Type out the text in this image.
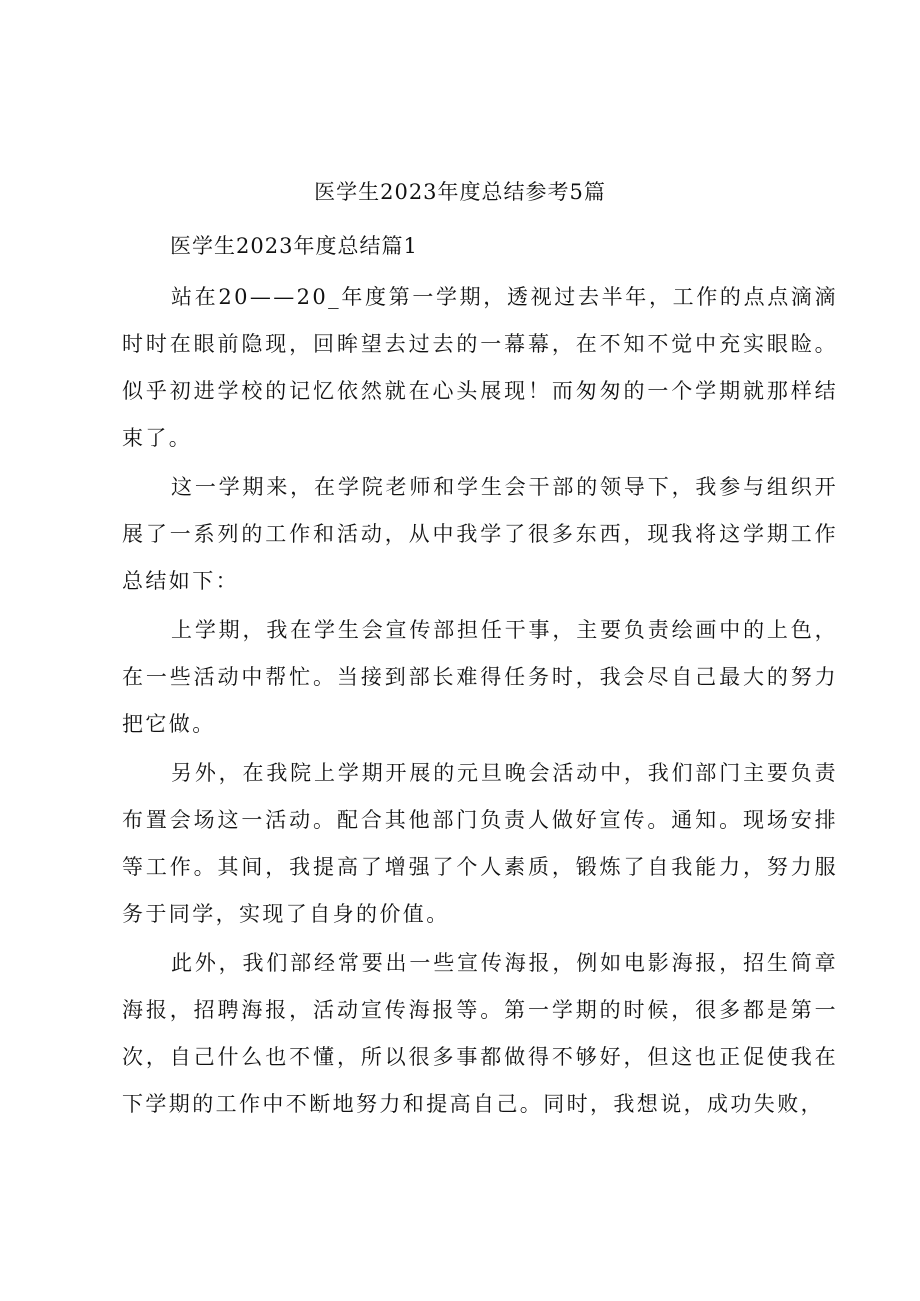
医学生2023年度总结参考5篇
医学生2023年度总结篇1

站在20——20_年度第一学期，透视过去半年，工作的点点滴滴时时在眼前隐现，回眸望去过去的一幕幕，在不知不觉中充实眼睑。似乎初进学校的记忆依然就在心头展现！而匆匆的一个学期就那样结束了。

这一学期来，在学院老师和学生会干部的领导下，我参与组织开展了一系列的工作和活动，从中我学了很多东西，现我将这学期工作总结如下：

上学期，我在学生会宣传部担任干事，主要负责绘画中的上色，在一些活动中帮忙。当接到部长难得任务时，我会尽自己最大的努力把它做。

另外，在我院上学期开展的元旦晚会活动中，我们部门主要负责布置会场这一活动。配合其他部门负责人做好宣传。通知。现场安排等工作。其间，我提高了增强了个人素质，锻炼了自我能力，努力服务于同学，实现了自身的价值。

此外，我们部经常要出一些宣传海报，例如电影海报，招生简章海报，招聘海报，活动宣传海报等。第一学期的时候，很多都是第一次，自己什么也不懂，所以很多事都做得不够好，但这也正促使我在下学期的工作中不断地努力和提高自己。同时，我想说，成功失败，
